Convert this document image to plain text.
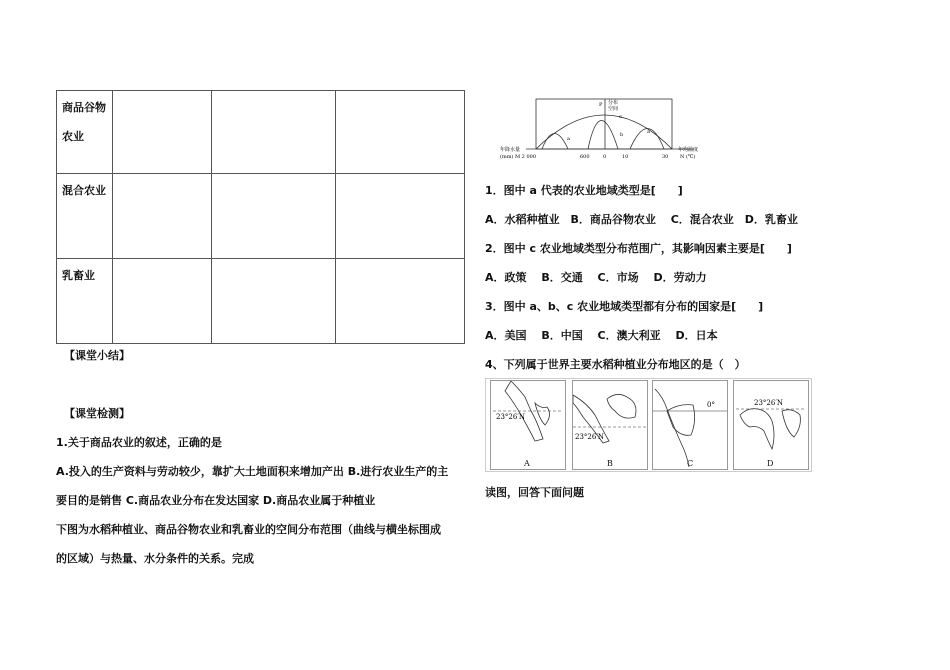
商品谷物
农业			

混合农业			
乳畜业			
【课堂小结】
【课堂检测】
1.关于商品农业的叙述，正确的是
A.投入的生产资料与劳动较少，靠扩大土地面积来增加产出 B.进行农业生产的主
要目的是销售 C.商品农业分布在发达国家 D.商品农业属于种植业
下图为水稻种植业、商品谷物农业和乳畜业的空间分布范围（曲线与横坐标围成
的区域）与热量、水分条件的关系。完成
P 分布
空间
a
b
c
a
年降水量
(mm) M 2 000
年均温度
N (℃)
600	0	10	30
1．图中 a 代表的农业地域类型是[　　]
A．水稻种植业　B．商品谷物农业　 C．混合农业　D．乳畜业
2．图中 c 农业地域类型分布范围广，其影响因素主要是[　　]
A．政策　 B．交通　 C．市场　 D．劳动力
3．图中 a、b、c 农业地域类型都有分布的国家是[　　]
A．美国　 B．中国　 C．澳大利亚　 D．日本
4、下列属于世界主要水稻种植业分布地区的是（　）
23°26′N
A
23°26′N
B
0°
C
23°26′N
D
读图，回答下面问题
